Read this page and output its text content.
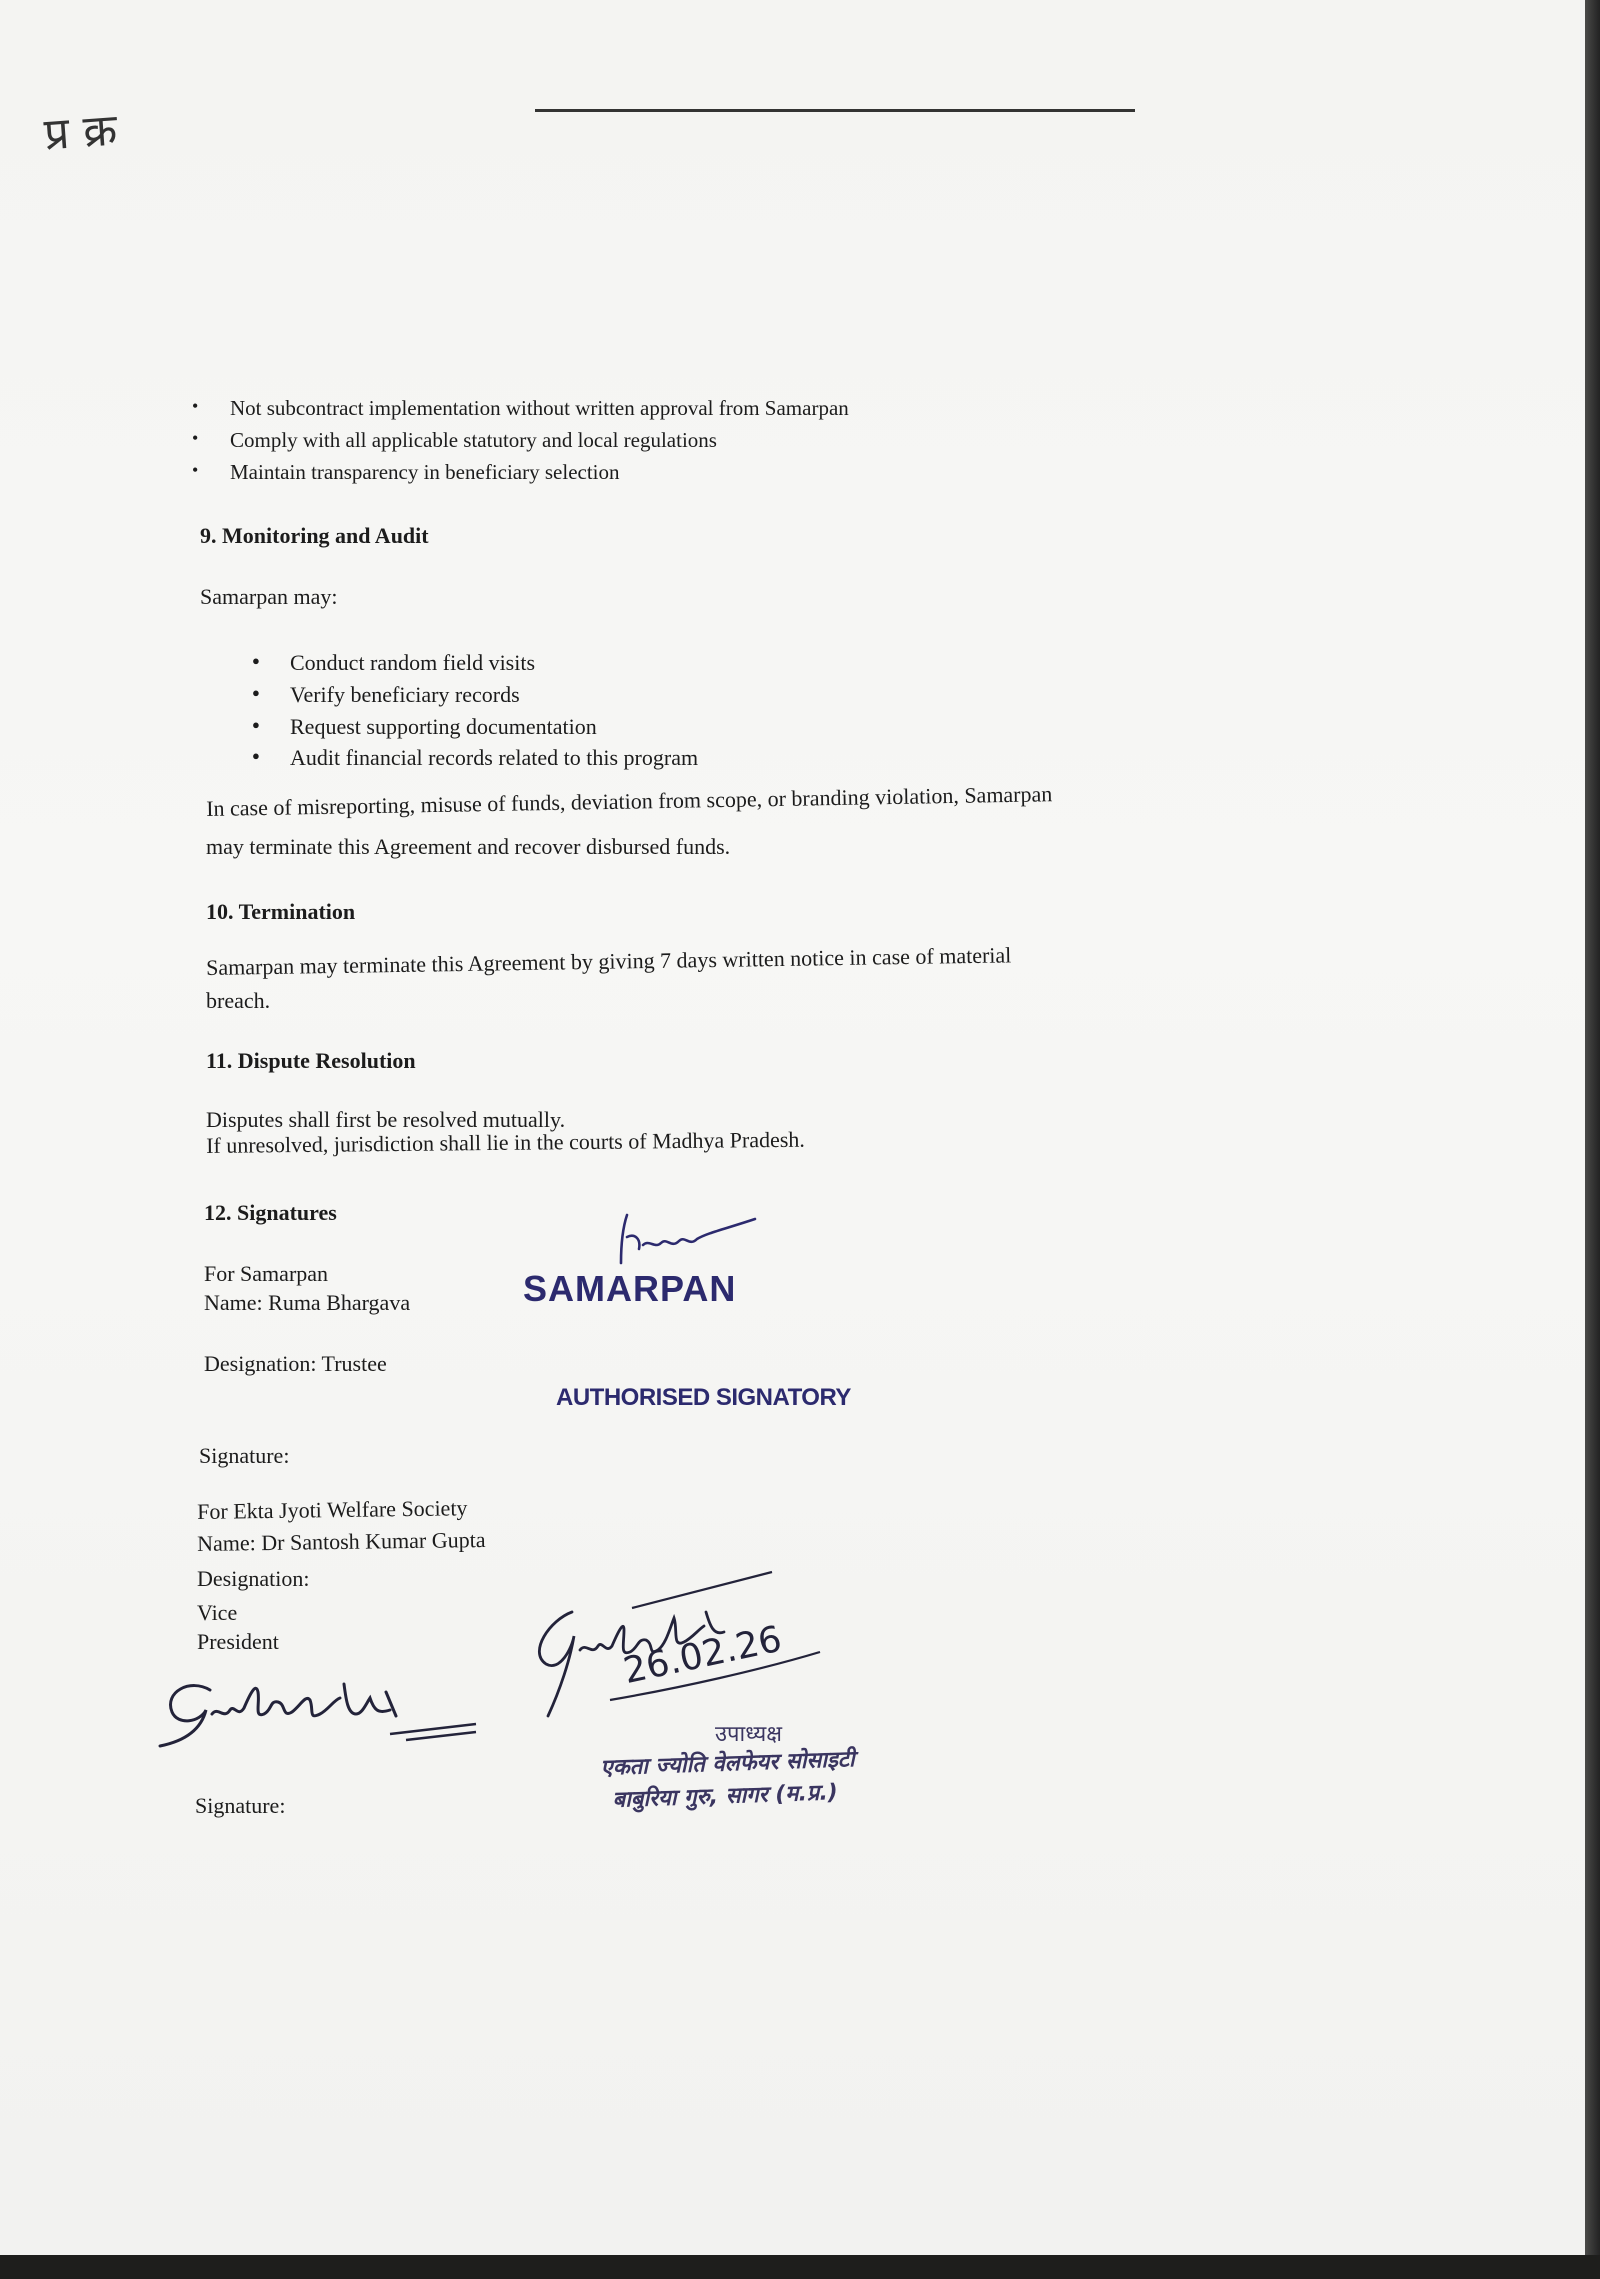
प्र क्र
• Not subcontract implementation without written approval from Samarpan
• Comply with all applicable statutory and local regulations
• Maintain transparency in beneficiary selection
9. Monitoring and Audit
Samarpan may:
● Conduct random field visits
● Verify beneficiary records
● Request supporting documentation
● Audit financial records related to this program
In case of misreporting, misuse of funds, deviation from scope, or branding violation, Samarpan
may terminate this Agreement and recover disbursed funds.
10. Termination
Samarpan may terminate this Agreement by giving 7 days written notice in case of material
breach.
11. Dispute Resolution
Disputes shall first be resolved mutually.
If unresolved, jurisdiction shall lie in the courts of Madhya Pradesh.
12. Signatures
For Samarpan
Name: Ruma Bhargava
Designation: Trustee
SAMARPAN
AUTHORISED SIGNATORY
Signature:
For Ekta Jyoti Welfare Society
Name: Dr Santosh Kumar Gupta
Designation:
Vice
President	26.02.26
उपाध्यक्ष
एकता ज्योति वेलफेयर सोसाइटी
बाबुरिया गुरु, सागर (म.प्र.)
Signature:
